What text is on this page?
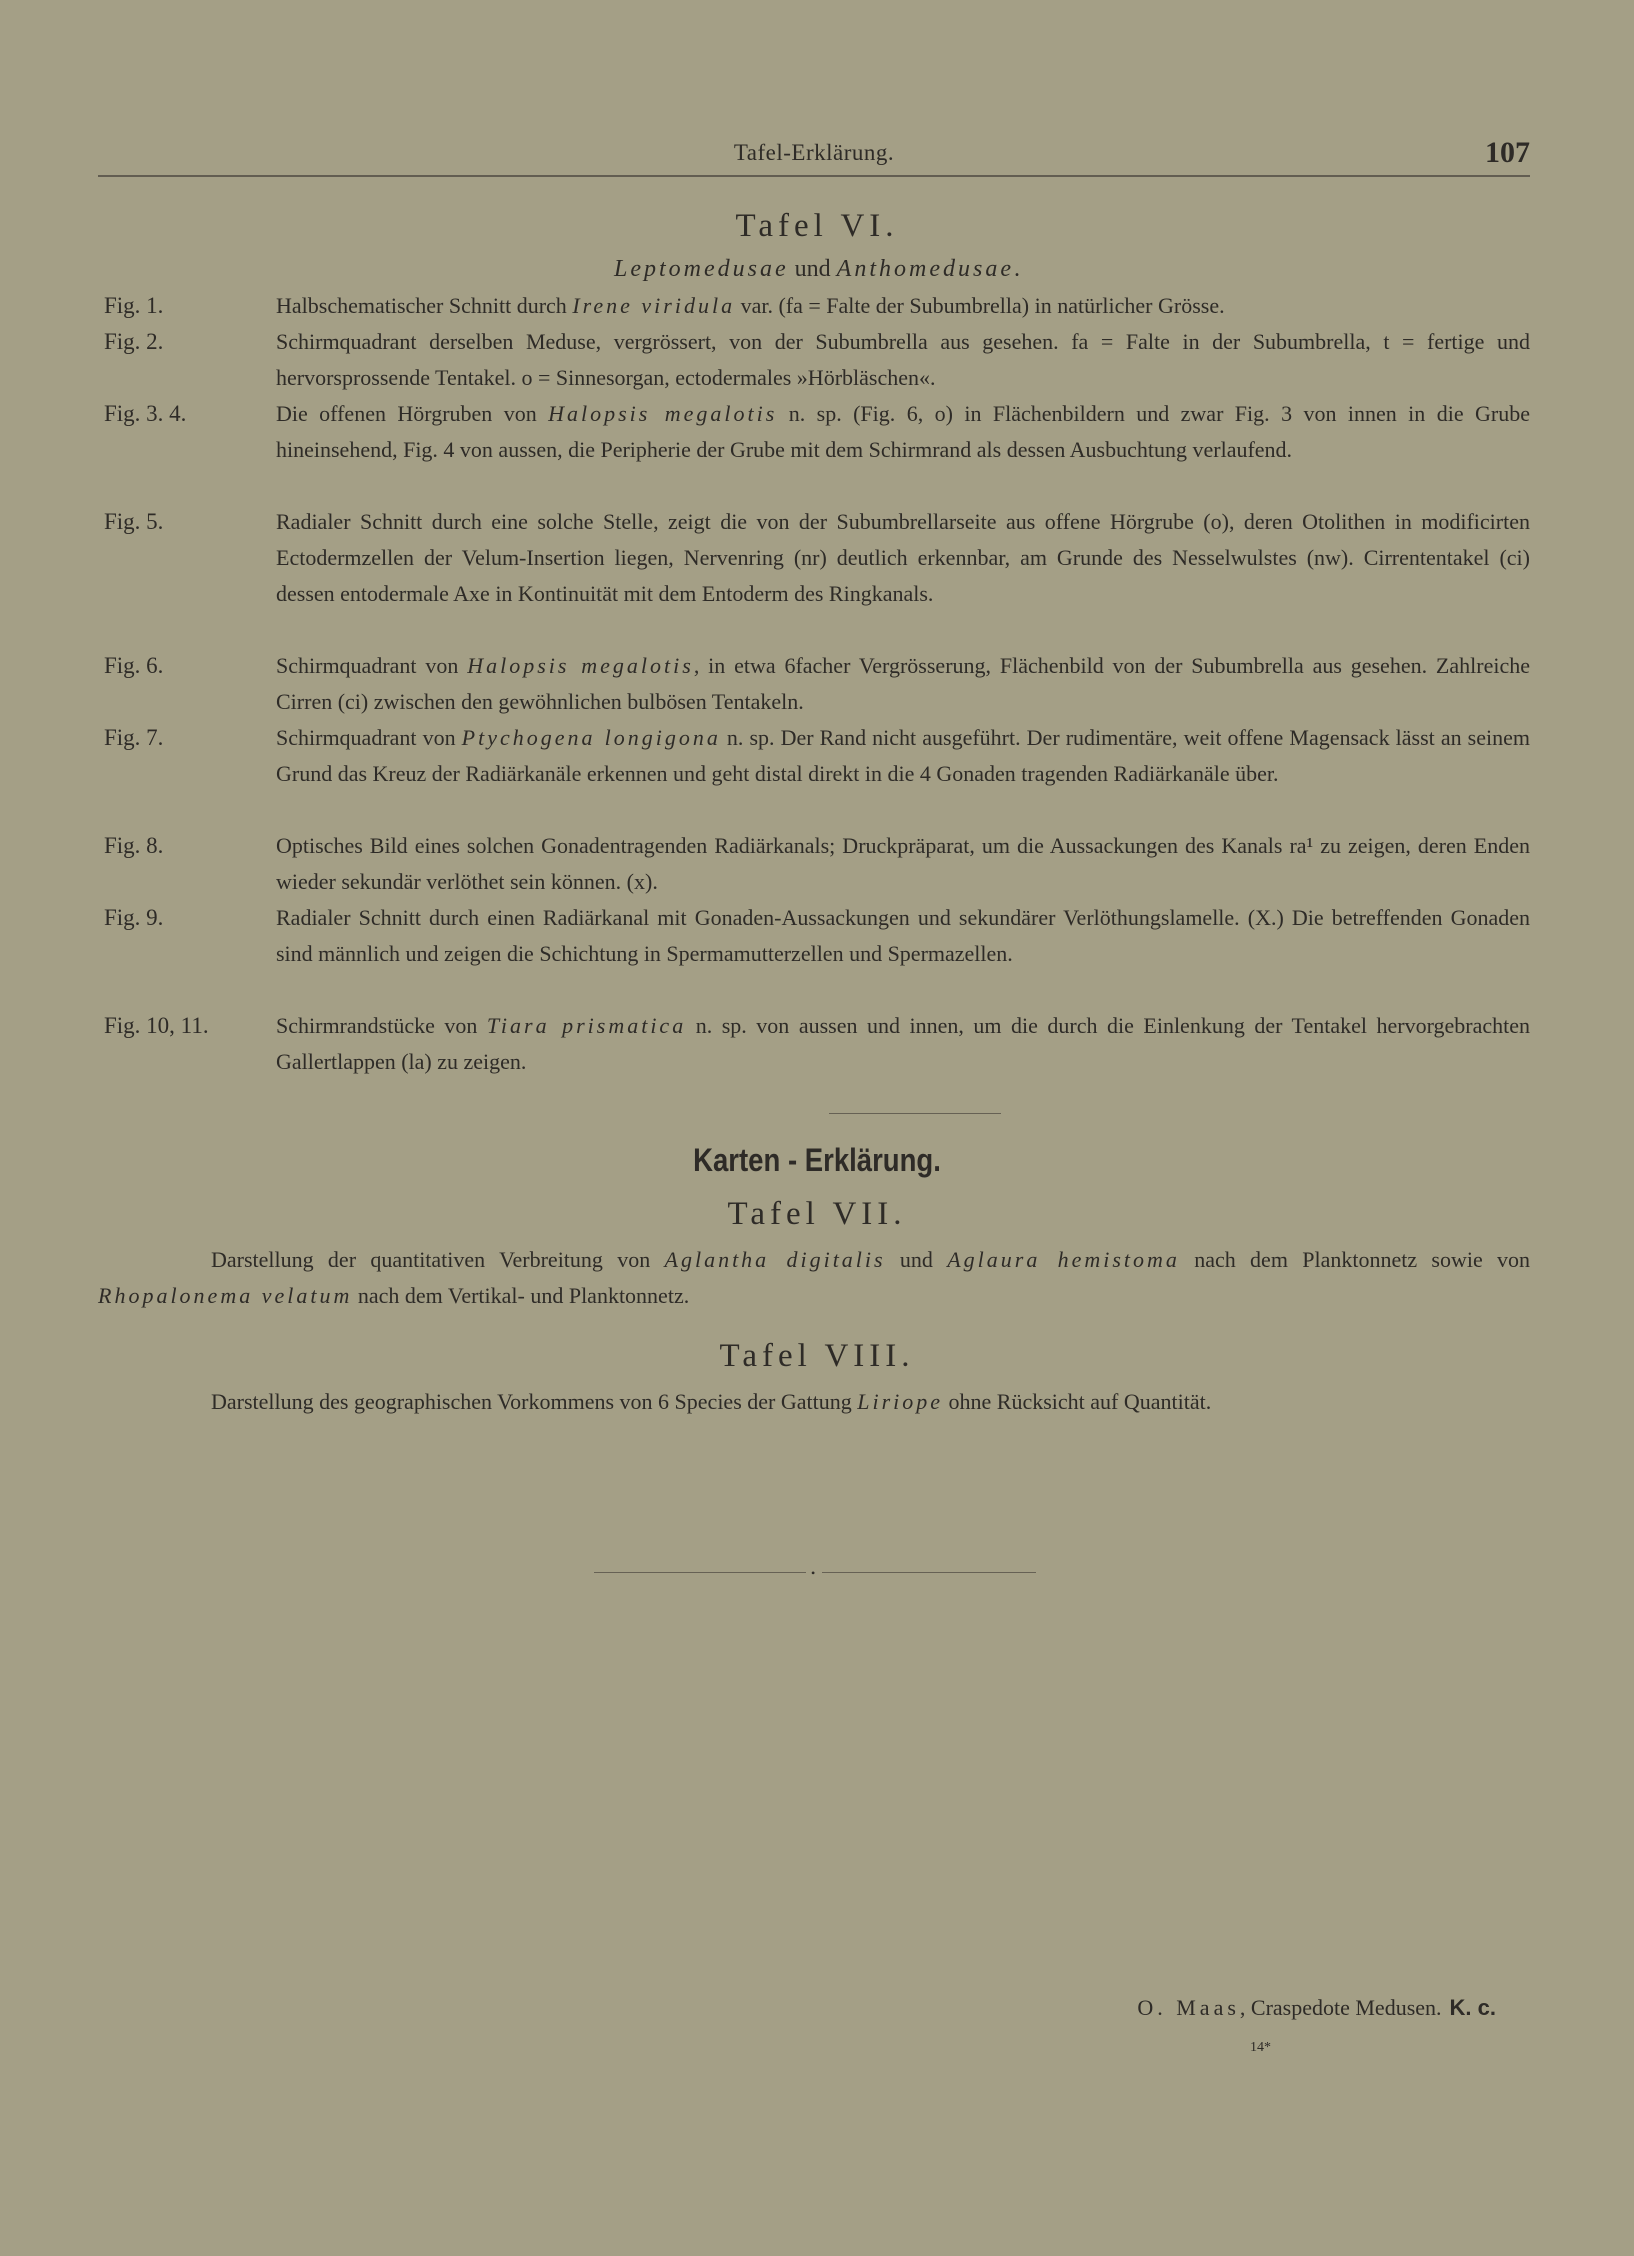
Tafel-Erklärung.	107
Tafel VI.
Leptomedusae und Anthomedusae.
Fig. 1.	Halbschematischer Schnitt durch Irene viridula var. (fa = Falte der Subumbrella) in natürlicher Grösse.
Fig. 2.	Schirmquadrant derselben Meduse, vergrössert, von der Subumbrella aus gesehen. fa = Falte in der Subumbrella, t = fertige und hervorsprossende Tentakel. o = Sinnesorgan, ectodermales »Hörbläschen«.
Fig. 3. 4.	Die offenen Hörgruben von Halopsis megalotis n. sp. (Fig. 6, o) in Flächenbildern und zwar Fig. 3 von innen in die Grube hineinsehend, Fig. 4 von aussen, die Peripherie der Grube mit dem Schirmrand als dessen Ausbuchtung verlaufend.
Fig. 5.	Radialer Schnitt durch eine solche Stelle, zeigt die von der Subumbrellarseite aus offene Hörgrube (o), deren Otolithen in modificirten Ectodermzellen der Velum-Insertion liegen, Nervenring (nr) deutlich erkennbar, am Grunde des Nesselwulstes (nw). Cirrententakel (ci) dessen entodermale Axe in Kontinuität mit dem Entoderm des Ringkanals.
Fig. 6.	Schirmquadrant von Halopsis megalotis, in etwa 6facher Vergrösserung, Flächenbild von der Subumbrella aus gesehen. Zahlreiche Cirren (ci) zwischen den gewöhnlichen bulbösen Tentakeln.
Fig. 7.	Schirmquadrant von Ptychogena longigona n. sp. Der Rand nicht ausgeführt. Der rudimentäre, weit offene Magensack lässt an seinem Grund das Kreuz der Radiärkanäle erkennen und geht distal direkt in die 4 Gonaden tragenden Radiärkanäle über.
Fig. 8.	Optisches Bild eines solchen Gonadentragenden Radiärkanals; Druckpräparat, um die Aussackungen des Kanals ra¹ zu zeigen, deren Enden wieder sekundär verlöthet sein können. (x).
Fig. 9.	Radialer Schnitt durch einen Radiärkanal mit Gonaden-Aussackungen und sekundärer Verlöthungslamelle. (X.) Die betreffenden Gonaden sind männlich und zeigen die Schichtung in Spermamutterzellen und Spermazellen.
Fig. 10, 11.	Schirmrandstücke von Tiara prismatica n. sp. von aussen und innen, um die durch die Einlenkung der Tentakel hervorgebrachten Gallertlappen (la) zu zeigen.
Karten - Erklärung.
Tafel VII.
Darstellung der quantitativen Verbreitung von Aglantha digitalis und Aglaura hemistoma nach dem Planktonnetz sowie von Rhopalonema velatum nach dem Vertikal- und Planktonnetz.
Tafel VIII.
Darstellung des geographischen Vorkommens von 6 Species der Gattung Liriope ohne Rücksicht auf Quantität.
•
O. Maas, Craspedote Medusen. K. c.
14*
